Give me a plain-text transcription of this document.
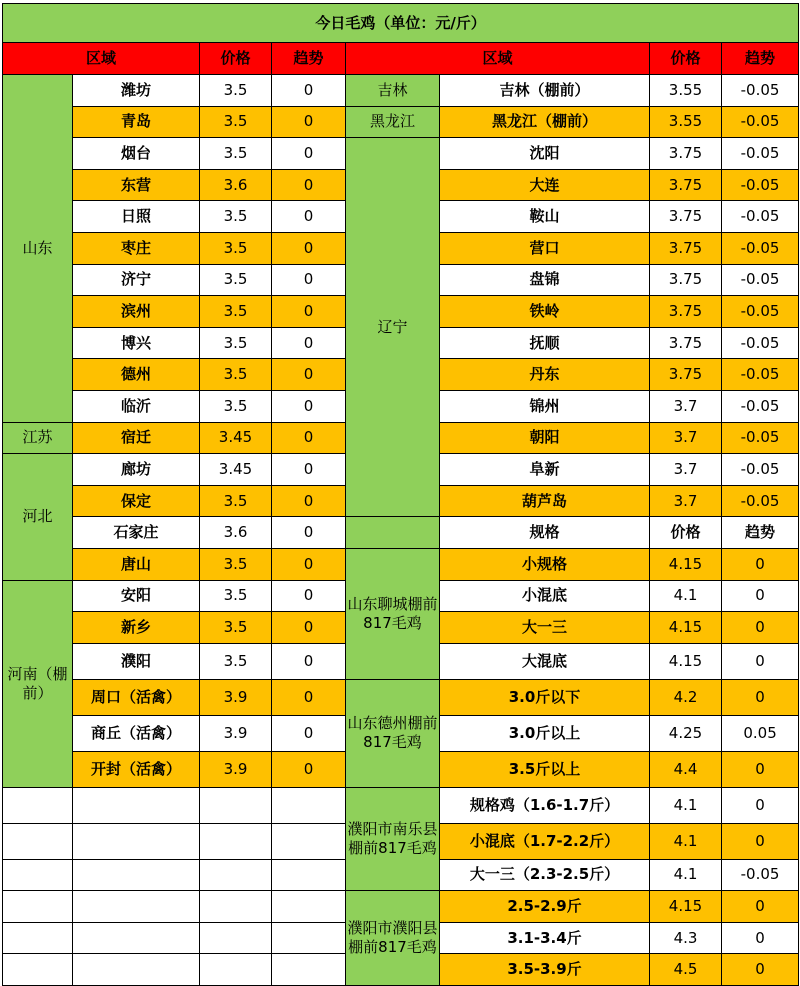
今日毛鸡（单位：元/斤）							
区域		价格	趋势	区域		价格	趋势
山东	潍坊	3.5	0	吉林	吉林（棚前）	3.55	-0.05
	青岛	3.5	0	黑龙江	黑龙江（棚前）	3.55	-0.05
	烟台	3.5	0	辽宁	沈阳	3.75	-0.05
	东营	3.6	0		大连	3.75	-0.05
	日照	3.5	0		鞍山	3.75	-0.05
	枣庄	3.5	0		营口	3.75	-0.05
	济宁	3.5	0		盘锦	3.75	-0.05
	滨州	3.5	0		铁岭	3.75	-0.05
	博兴	3.5	0		抚顺	3.75	-0.05
	德州	3.5	0		丹东	3.75	-0.05
	临沂	3.5	0		锦州	3.7	-0.05
江苏	宿迁	3.45	0		朝阳	3.7	-0.05
河北	廊坊	3.45	0		阜新	3.7	-0.05
	保定	3.5	0		葫芦岛	3.7	-0.05
	石家庄	3.6	0		规格	价格	趋势
	唐山	3.5	0	山东聊城棚前817毛鸡	小规格	4.15	0
河南（棚前）	安阳	3.5	0		小混底	4.1	0
	新乡	3.5	0		大一三	4.15	0
	濮阳	3.5	0		大混底	4.15	0
	周口（活禽）	3.9	0	山东德州棚前817毛鸡	3.0斤以下	4.2	0
	商丘（活禽）	3.9	0		3.0斤以上	4.25	0.05
	开封（活禽）	3.9	0		3.5斤以上	4.4	0
				濮阳市南乐县棚前817毛鸡	规格鸡（1.6-1.7斤）	4.1	0
					小混底（1.7-2.2斤）	4.1	0
					大一三（2.3-2.5斤）	4.1	-0.05
				濮阳市濮阳县棚前817毛鸡	2.5-2.9斤	4.15	0
					3.1-3.4斤	4.3	0
					3.5-3.9斤	4.5	0
